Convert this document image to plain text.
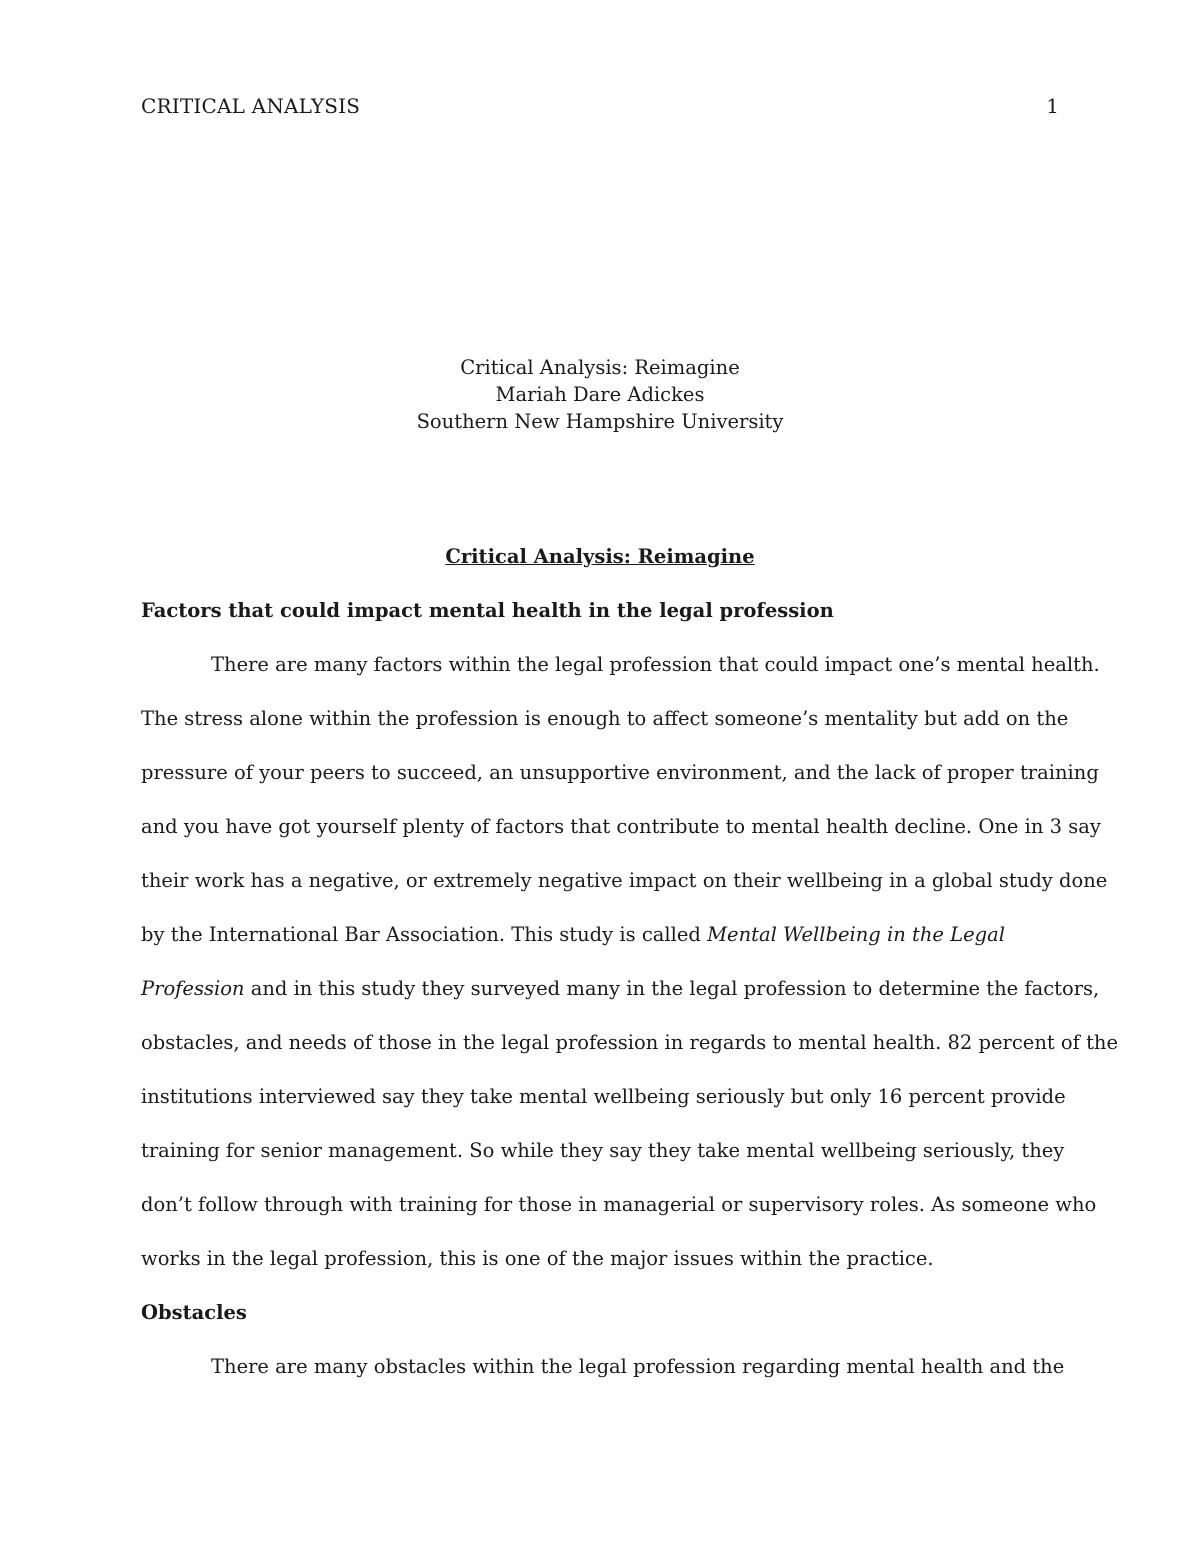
CRITICAL ANALYSIS	1
Critical Analysis: Reimagine
Mariah Dare Adickes
Southern New Hampshire University
Critical Analysis: Reimagine
Factors that could impact mental health in the legal profession
There are many factors within the legal profession that could impact one’s mental health.
The stress alone within the profession is enough to affect someone’s mentality but add on the
pressure of your peers to succeed, an unsupportive environment, and the lack of proper training
and you have got yourself plenty of factors that contribute to mental health decline. One in 3 say
their work has a negative, or extremely negative impact on their wellbeing in a global study done
by the International Bar Association. This study is called Mental Wellbeing in the Legal
Profession and in this study they surveyed many in the legal profession to determine the factors,
obstacles, and needs of those in the legal profession in regards to mental health. 82 percent of the
institutions interviewed say they take mental wellbeing seriously but only 16 percent provide
training for senior management. So while they say they take mental wellbeing seriously, they
don’t follow through with training for those in managerial or supervisory roles. As someone who
works in the legal profession, this is one of the major issues within the practice.
Obstacles
There are many obstacles within the legal profession regarding mental health and the
